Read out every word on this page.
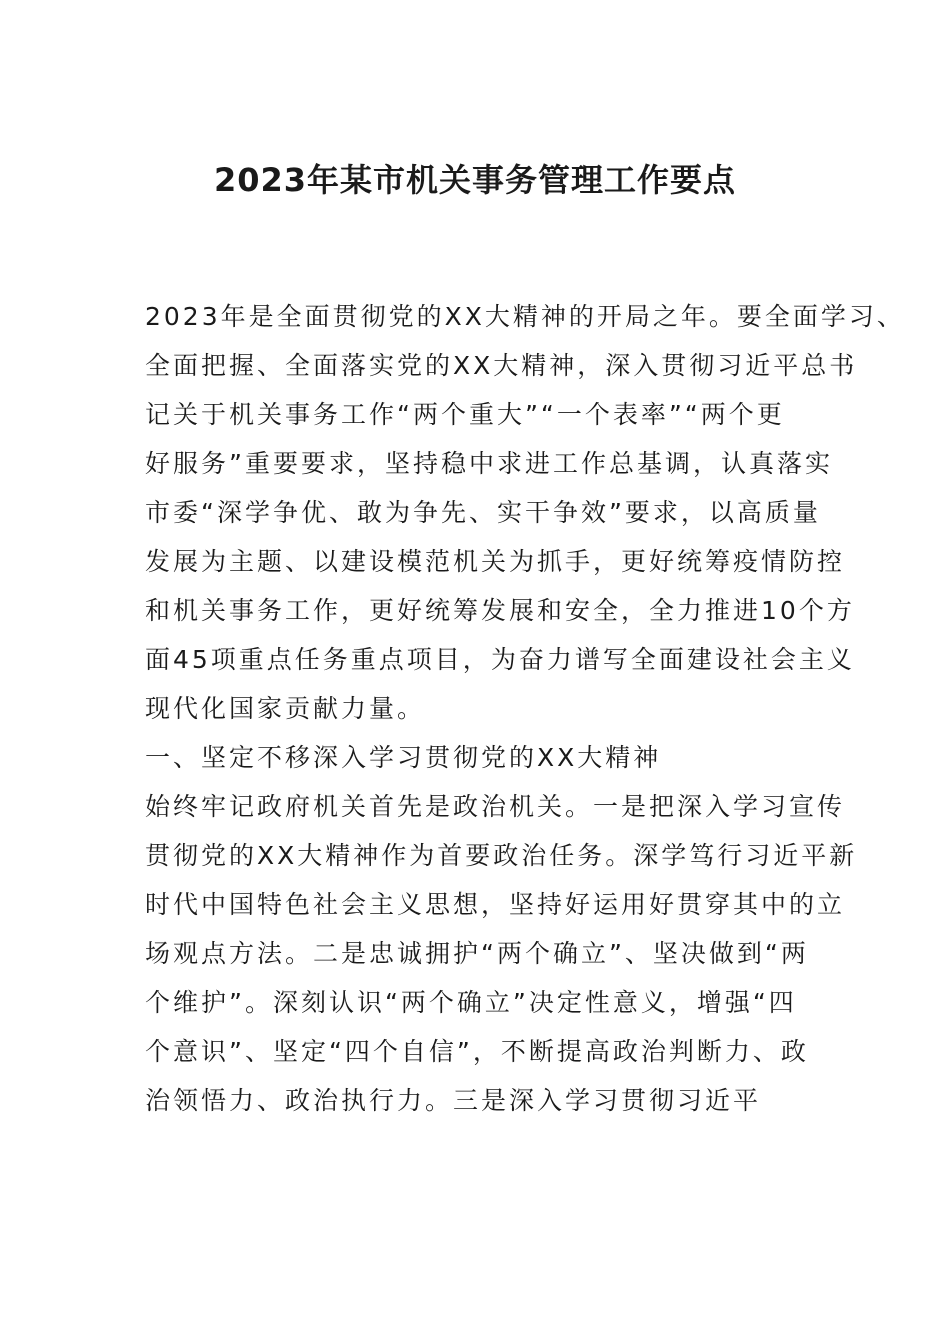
2023年某市机关事务管理工作要点
2023年是全面贯彻党的XX大精神的开局之年。要全面学习、
全面把握、全面落实党的XX大精神，深入贯彻习近平总书
记关于机关事务工作“两个重大”“一个表率”“两个更
好服务”重要要求，坚持稳中求进工作总基调，认真落实
市委“深学争优、敢为争先、实干争效”要求，以高质量
发展为主题、以建设模范机关为抓手，更好统筹疫情防控
和机关事务工作，更好统筹发展和安全，全力推进10个方
面45项重点任务重点项目，为奋力谱写全面建设社会主义
现代化国家贡献力量。
一、坚定不移深入学习贯彻党的XX大精神
始终牢记政府机关首先是政治机关。一是把深入学习宣传
贯彻党的XX大精神作为首要政治任务。深学笃行习近平新
时代中国特色社会主义思想，坚持好运用好贯穿其中的立
场观点方法。二是忠诚拥护“两个确立”、坚决做到“两
个维护”。深刻认识“两个确立”决定性意义，增强“四
个意识”、坚定“四个自信”，不断提高政治判断力、政
治领悟力、政治执行力。三是深入学习贯彻习近平
